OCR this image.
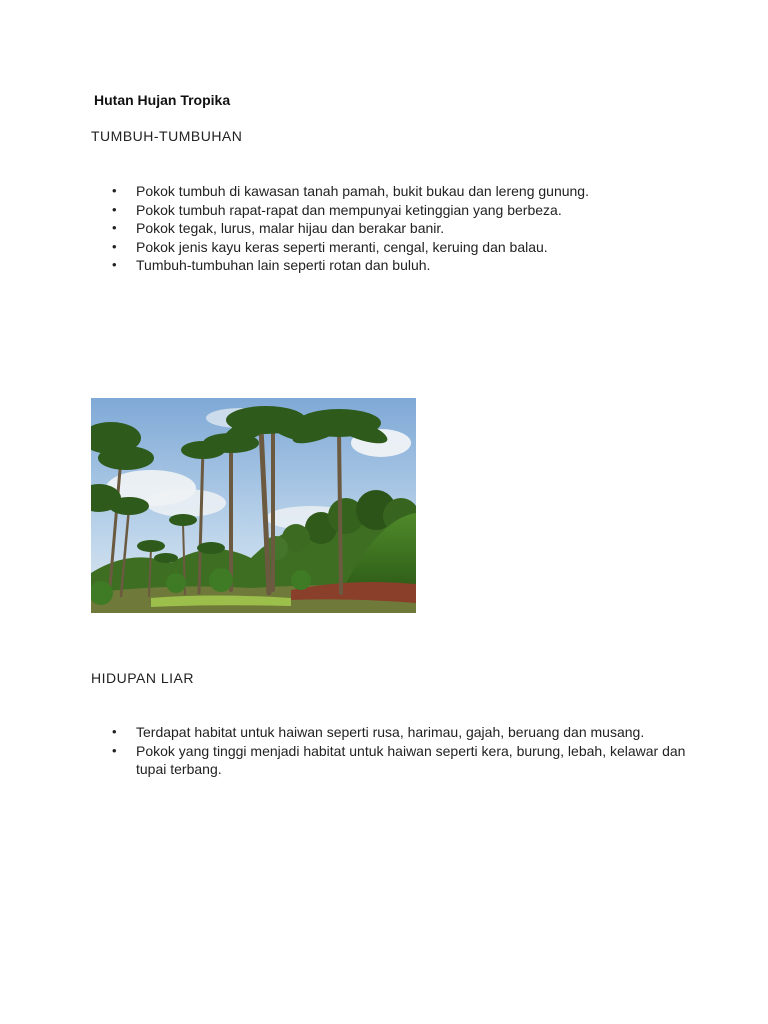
Hutan Hujan Tropika
TUMBUH-TUMBUHAN
• Pokok tumbuh di kawasan tanah pamah, bukit bukau dan lereng gunung.
• Pokok tumbuh rapat-rapat dan mempunyai ketinggian yang berbeza.
• Pokok tegak, lurus, malar hijau dan berakar banir.
• Pokok jenis kayu keras seperti meranti, cengal, keruing dan balau.
• Tumbuh-tumbuhan lain seperti rotan dan buluh.
HIDUPAN LIAR
• Terdapat habitat untuk haiwan seperti rusa, harimau, gajah, beruang dan musang.
• Pokok yang tinggi menjadi habitat untuk haiwan seperti kera, burung, lebah, kelawar dan tupai terbang.
